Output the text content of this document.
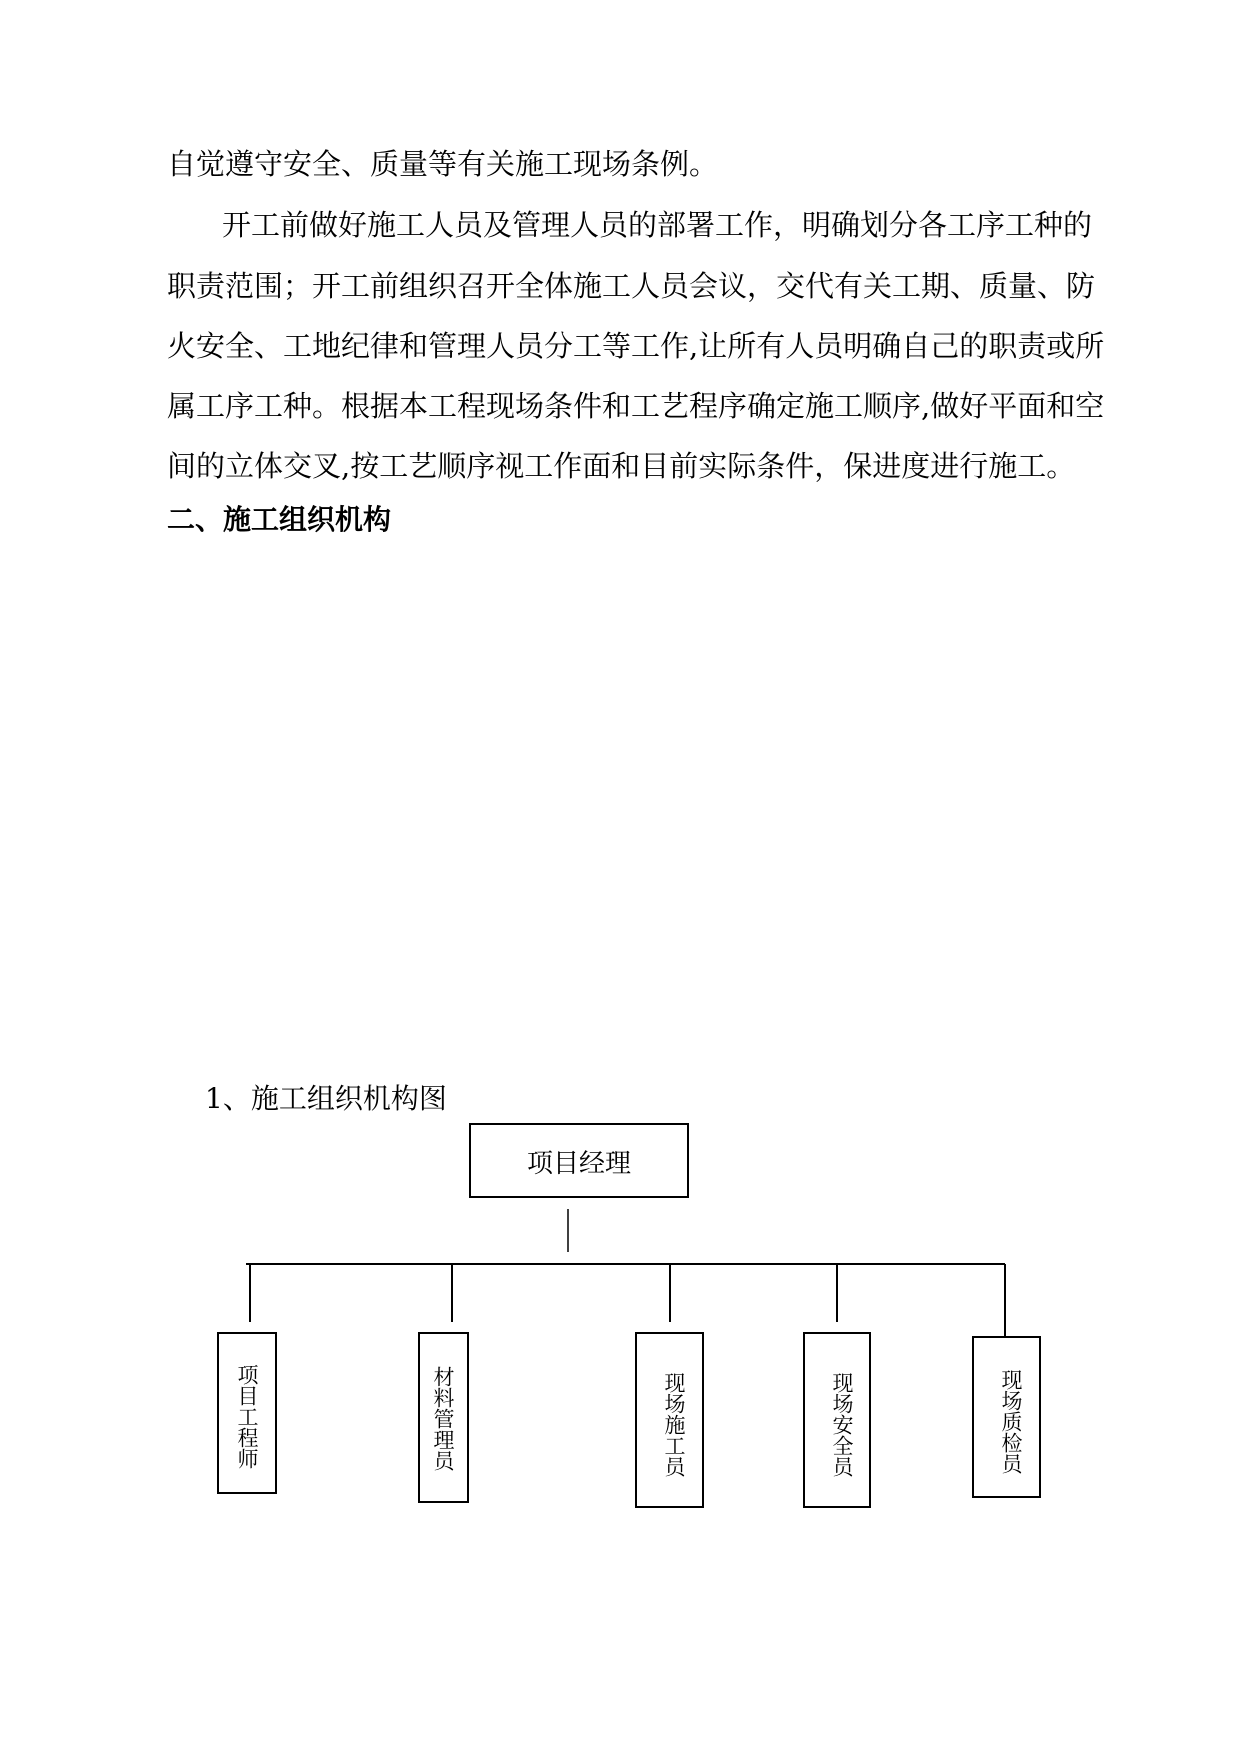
自觉遵守安全、质量等有关施工现场条例。
开工前做好施工人员及管理人员的部署工作，明确划分各工序工种的
职责范围；开工前组织召开全体施工人员会议，交代有关工期、质量、防
火安全、工地纪律和管理人员分工等工作,让所有人员明确自己的职责或所
属工序工种。根据本工程现场条件和工艺程序确定施工顺序,做好平面和空
间的立体交叉,按工艺顺序视工作面和目前实际条件，保进度进行施工。
二、施工组织机构
1、施工组织机构图
项目经理
项目工程师	材料管理员	现场施工员	现场安全员	现场质检员
